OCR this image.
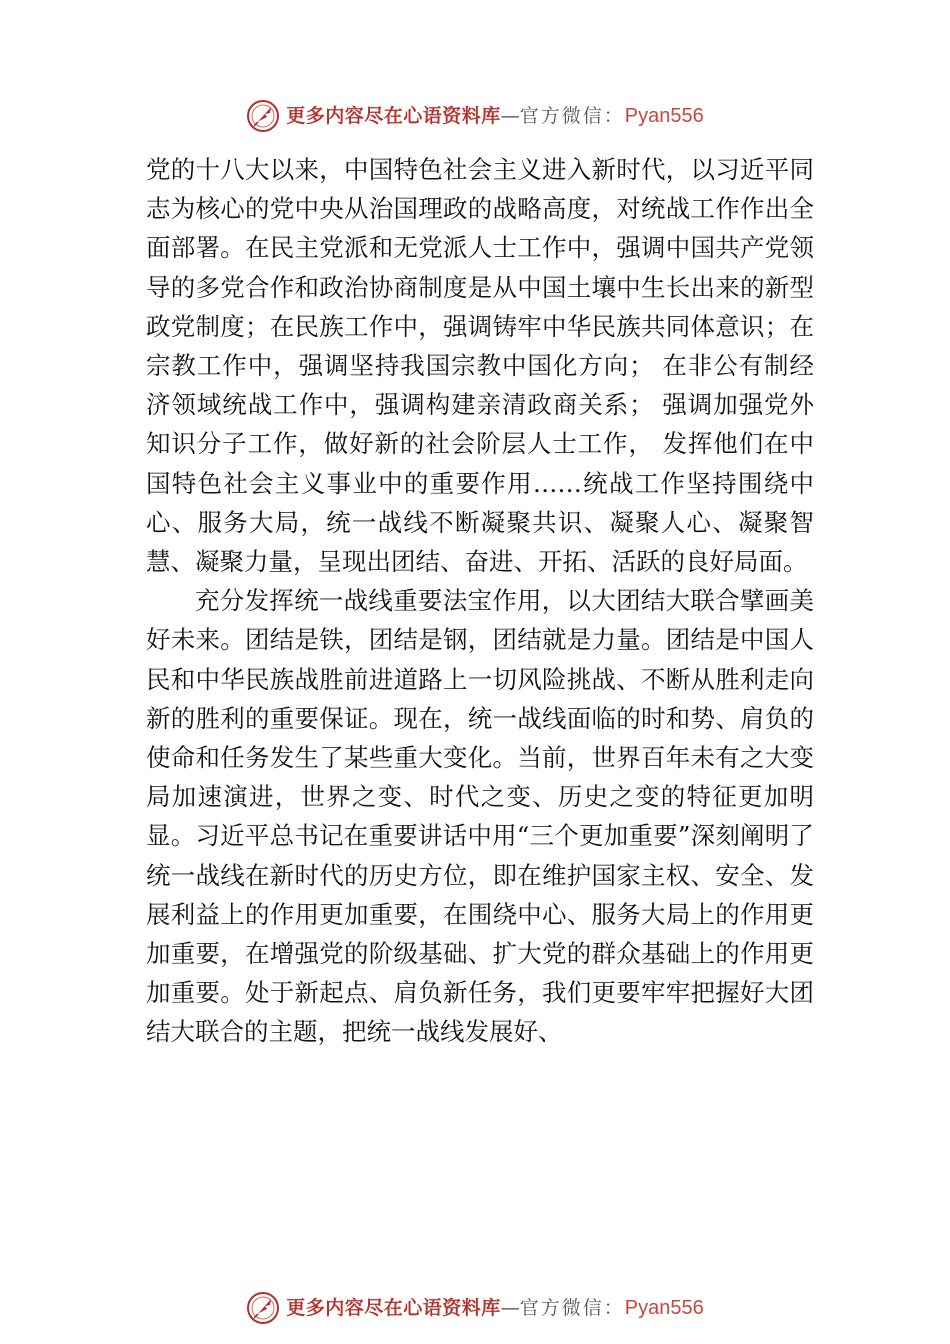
更多内容尽在心语资料库—官方微信：Pyan556

党的十八大以来，中国特色社会主义进入新时代，以习近平同志为核心的党中央从治国理政的战略高度，对统战工作作出全面部署。在民主党派和无党派人士工作中，强调中国共产党领导的多党合作和政治协商制度是从中国土壤中生长出来的新型政党制度；在民族工作中，强调铸牢中华民族共同体意识；在宗教工作中，强调坚持我国宗教中国化方向； 在非公有制经济领域统战工作中，强调构建亲清政商关系； 强调加强党外知识分子工作，做好新的社会阶层人士工作， 发挥他们在中国特色社会主义事业中的重要作用……统战工作坚持围绕中心、服务大局，统一战线不断凝聚共识、凝聚人心、凝聚智慧、凝聚力量，呈现出团结、奋进、开拓、活跃的良好局面。

充分发挥统一战线重要法宝作用，以大团结大联合擘画美好未来。团结是铁，团结是钢，团结就是力量。团结是中国人民和中华民族战胜前进道路上一切风险挑战、不断从胜利走向新的胜利的重要保证。现在，统一战线面临的时和势、肩负的使命和任务发生了某些重大变化。当前，世界百年未有之大变局加速演进，世界之变、时代之变、历史之变的特征更加明显。习近平总书记在重要讲话中用“三个更加重要”深刻阐明了统一战线在新时代的历史方位，即在维护国家主权、安全、发展利益上的作用更加重要，在围绕中心、服务大局上的作用更加重要，在增强党的阶级基础、扩大党的群众基础上的作用更加重要。处于新起点、肩负新任务，我们更要牢牢把握好大团结大联合的主题，把统一战线发展好、

更多内容尽在心语资料库—官方微信：Pyan556
